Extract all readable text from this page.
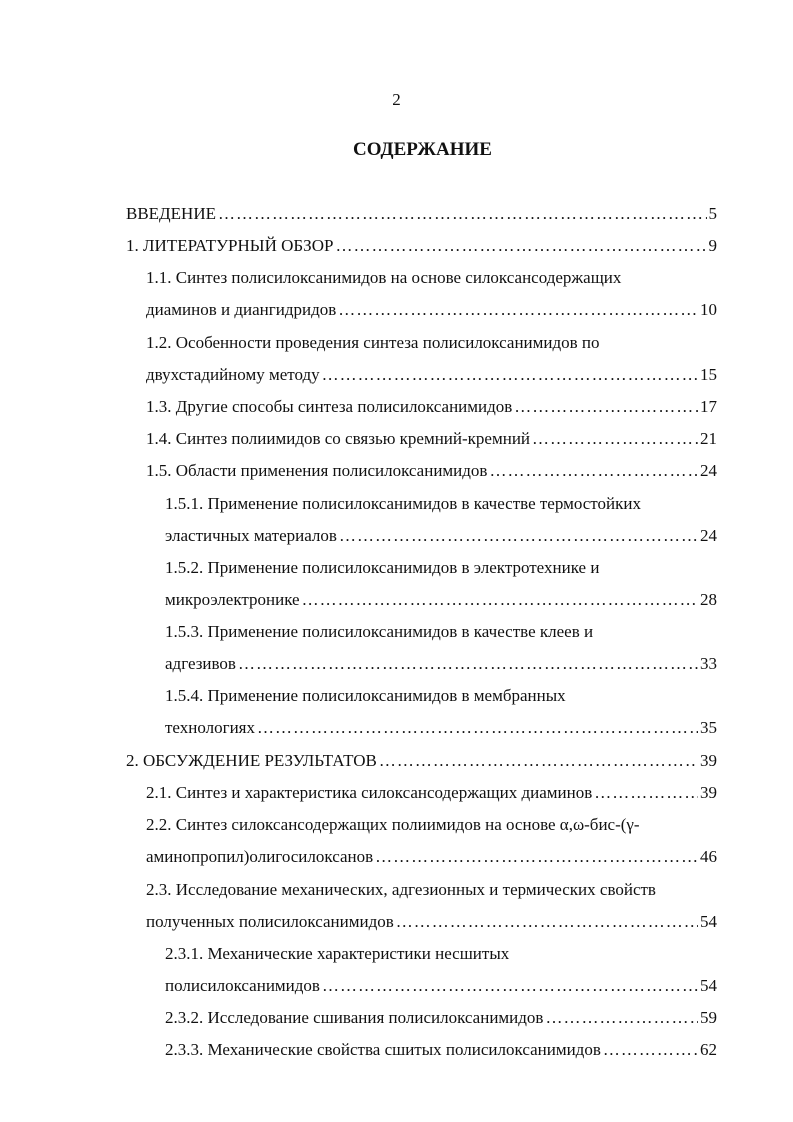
2
СОДЕРЖАНИЕ
ВВЕДЕНИЕ ………………………………………………………………………………………………………………………………	5
1. ЛИТЕРАТУРНЫЙ ОБЗОР ………………………………………………………………………………………………………………………………	9
1.1. Синтез полисилоксанимидов на основе силоксансодержащих
диаминов и диангидридов ………………………………………………………………………………………………………………………………	10
1.2. Особенности проведения синтеза полисилоксанимидов по
двухстадийному методу ………………………………………………………………………………………………………………………………	15
1.3. Другие способы синтеза полисилоксанимидов ………………………………………………………………………………………………………………………………	17
1.4. Синтез полиимидов со связью кремний-кремний ………………………………………………………………………………………………………………………………	21
1.5. Области применения полисилоксанимидов ………………………………………………………………………………………………………………………………	24
1.5.1. Применение полисилоксанимидов в качестве термостойких
эластичных материалов ………………………………………………………………………………………………………………………………	24
1.5.2. Применение полисилоксанимидов в электротехнике и
микроэлектронике ………………………………………………………………………………………………………………………………	28
1.5.3. Применение полисилоксанимидов в качестве клеев и
адгезивов ………………………………………………………………………………………………………………………………	33
1.5.4. Применение полисилоксанимидов в мембранных
технологиях ………………………………………………………………………………………………………………………………	35
2. ОБСУЖДЕНИЕ РЕЗУЛЬТАТОВ ………………………………………………………………………………………………………………………………	39
2.1. Синтез и характеристика силоксансодержащих диаминов ………………………………………………………………………………………………………………………………	39
2.2. Синтез силоксансодержащих полиимидов на основе α,ω-бис-(γ-
аминопропил)олигосилоксанов ………………………………………………………………………………………………………………………………	46
2.3. Исследование механических, адгезионных и термических свойств
полученных полисилоксанимидов ………………………………………………………………………………………………………………………………	54
2.3.1. Механические характеристики несшитых
полисилоксанимидов ………………………………………………………………………………………………………………………………	54
2.3.2. Исследование сшивания полисилоксанимидов ………………………………………………………………………………………………………………………………	59
2.3.3. Механические свойства сшитых полисилоксанимидов ………………………………………………………………………………………………………………………………	62
